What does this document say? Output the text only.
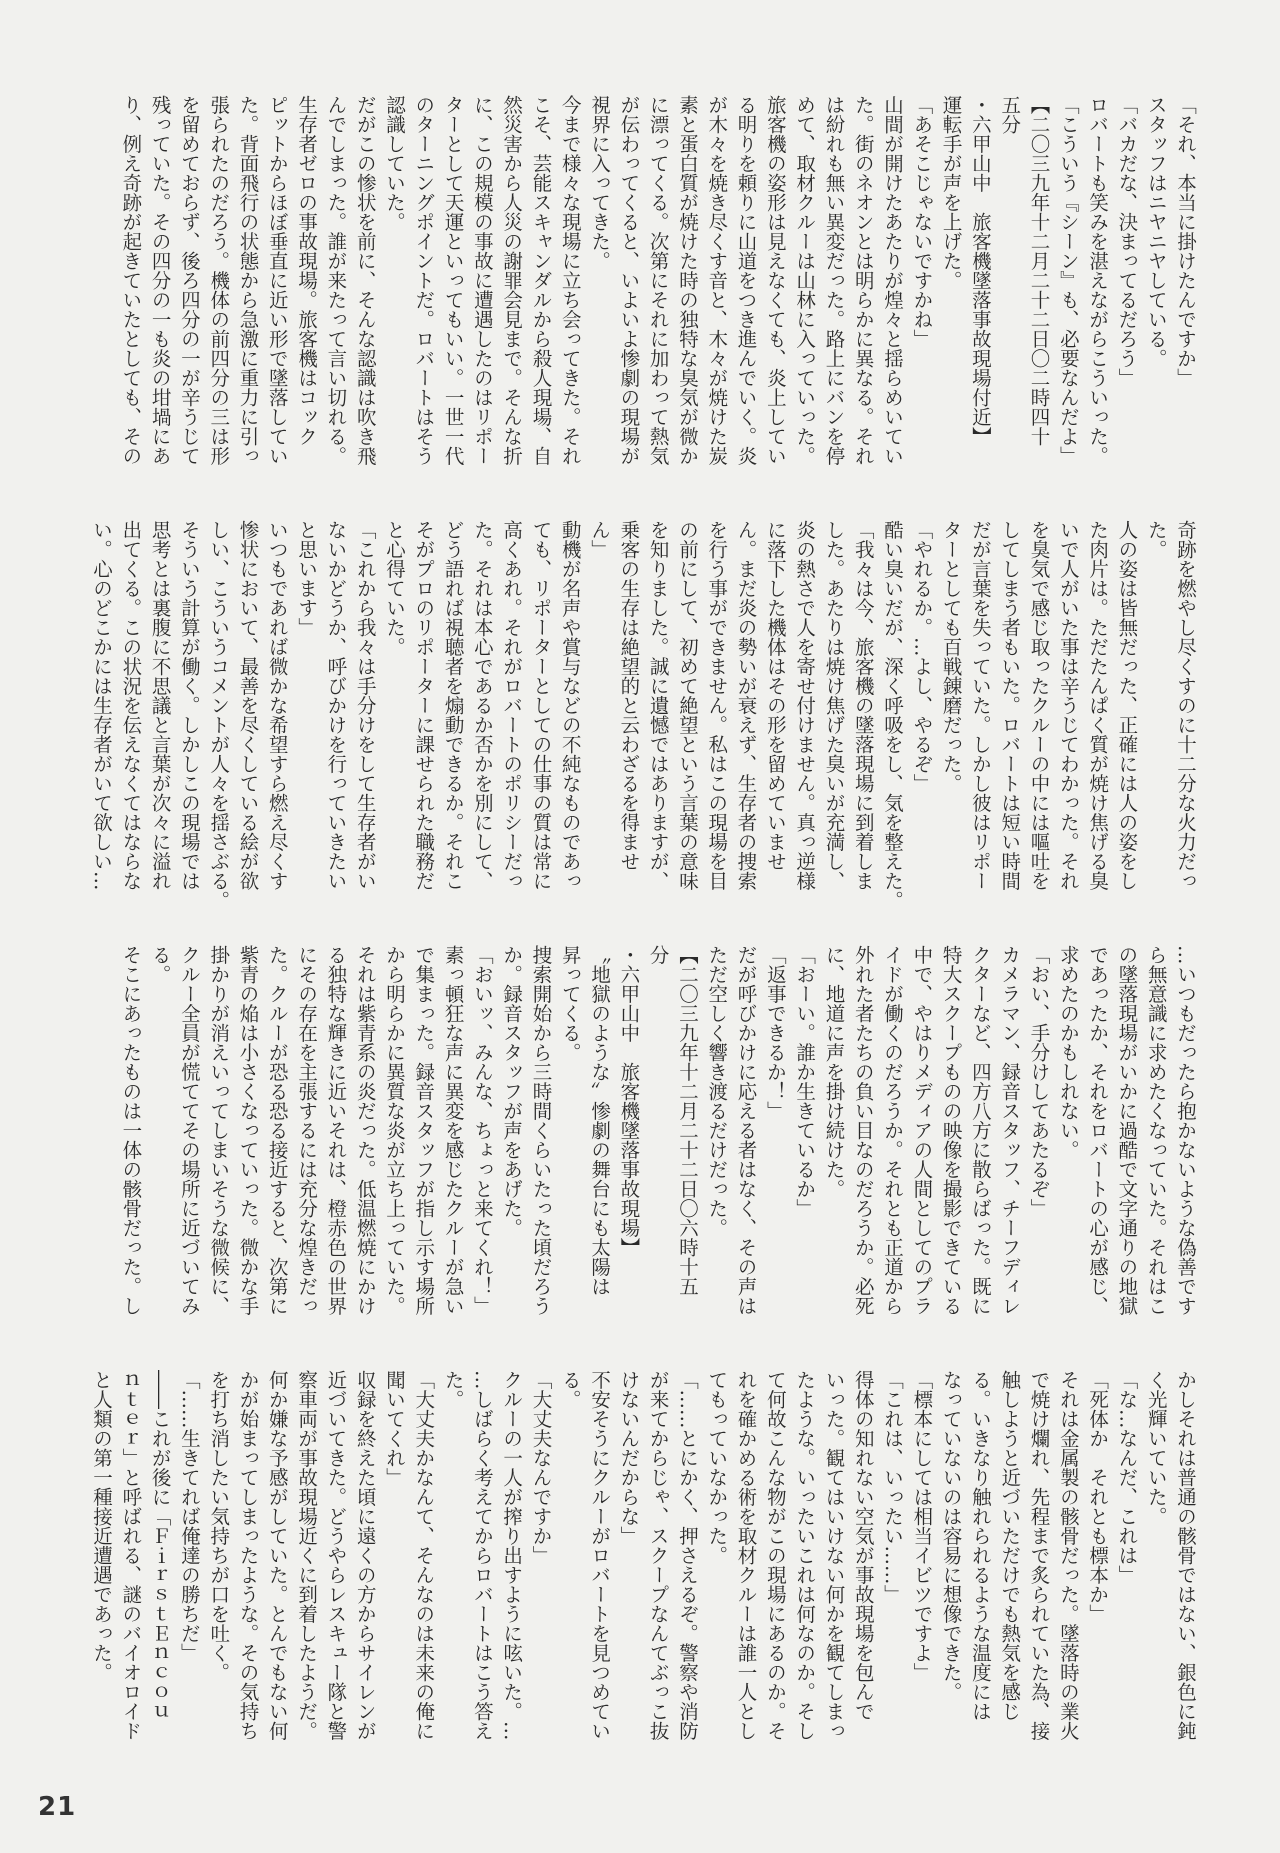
「それ、本当に掛けたんですか」
スタッフはニヤニヤしている。
「バカだな、決まってるだろう」
ロバートも笑みを湛えながらこういった。
「こういう『シーン』も、必要なんだよ」
【二〇三九年十二月二十二日〇二時四十
五分
・六甲山中　旅客機墜落事故現場付近】
運転手が声を上げた。
「あそこじゃないですかね」
山間が開けたあたりが煌々と揺らめいてい
た。街のネオンとは明らかに異なる。それ
は紛れも無い異変だった。路上にバンを停
めて、取材クルーは山林に入っていった。
旅客機の姿形は見えなくても、炎上してい
る明りを頼りに山道をつき進んでいく。炎
が木々を焼き尽くす音と、木々が焼けた炭
素と蛋白質が焼けた時の独特な臭気が微か
に漂ってくる。次第にそれに加わって熱気
が伝わってくると、いよいよ惨劇の現場が
視界に入ってきた。
今まで様々な現場に立ち会ってきた。それ
こそ、芸能スキャンダルから殺人現場、自
然災害から人災の謝罪会見まで。そんな折
に、この規模の事故に遭遇したのはリポー
ターとして天運といってもいい。一世一代
のターニングポイントだ。ロバートはそう
認識していた。
だがこの惨状を前に、そんな認識は吹き飛
んでしまった。誰が来たって言い切れる。
生存者ゼロの事故現場。旅客機はコック
ピットからほぼ垂直に近い形で墜落してい
た。背面飛行の状態から急激に重力に引っ
張られたのだろう。機体の前四分の三は形
を留めておらず、後ろ四分の一が辛うじて
残っていた。その四分の一も炎の坩堝にあ
り、例え奇跡が起きていたとしても、その
奇跡を燃やし尽くすのに十二分な火力だっ
た。
人の姿は皆無だった、正確には人の姿をし
た肉片は。ただたんぱく質が焼け焦げる臭
いで人がいた事は辛うじてわかった。それ
を臭気で感じ取ったクルーの中には嘔吐を
してしまう者もいた。ロバートは短い時間
だが言葉を失っていた。しかし彼はリポー
ターとしても百戦錬磨だった。
「やれるか。…よし、やるぞ」
酷い臭いだが、深く呼吸をし、気を整えた。
「我々は今、旅客機の墜落現場に到着しま
した。あたりは焼け焦げた臭いが充満し、
炎の熱さで人を寄せ付けません。真っ逆様
に落下した機体はその形を留めていませ
ん。まだ炎の勢いが衰えず、生存者の捜索
を行う事ができません。私はこの現場を目
の前にして、初めて絶望という言葉の意味
を知りました。誠に遺憾ではありますが、
乗客の生存は絶望的と云わざるを得ませ
ん」
動機が名声や賞与などの不純なものであっ
ても、リポーターとしての仕事の質は常に
高くあれ。それがロバートのポリシーだっ
た。それは本心であるか否かを別にして、
どう語れば視聴者を煽動できるか。それこ
そがプロのリポーターに課せられた職務だ
と心得ていた。
「これから我々は手分けをして生存者がい
ないかどうか、呼びかけを行っていきたい
と思います」
いつもであれば微かな希望すら燃え尽くす
惨状において、最善を尽くしている絵が欲
しい、こういうコメントが人々を揺さぶる。
そういう計算が働く。しかしこの現場では
思考とは裏腹に不思議と言葉が次々に溢れ
出てくる。この状況を伝えなくてはならな
い。心のどこかには生存者がいて欲しい…
…いつもだったら抱かないような偽善です
ら無意識に求めたくなっていた。それはこ
の墜落現場がいかに過酷で文字通りの地獄
であったか、それをロバートの心が感じ、
求めたのかもしれない。
「おい、手分けしてあたるぞ」
カメラマン、録音スタッフ、チーフディレ
クターなど、四方八方に散らばった。既に
特大スクープものの映像を撮影できている
中で、やはりメディアの人間としてのプラ
イドが働くのだろうか。それとも正道から
外れた者たちの負い目なのだろうか。必死
に、地道に声を掛け続けた。
「おーい。誰か生きているか」
「返事できるか！」
だが呼びかけに応える者はなく、その声は
ただ空しく響き渡るだけだった。
【二〇三九年十二月二十二日〇六時十五
分
・六甲山中　旅客機墜落事故現場】
〝地獄のような〟惨劇の舞台にも太陽は
昇ってくる。
捜索開始から三時間くらいたった頃だろう
か。録音スタッフが声をあげた。
「おいッ、みんな、ちょっと来てくれ！」
素っ頓狂な声に異変を感じたクルーが急い
で集まった。録音スタッフが指し示す場所
から明らかに異質な炎が立ち上っていた。
それは紫青系の炎だった。低温燃焼にかけ
る独特な輝きに近いそれは、橙赤色の世界
にその存在を主張するには充分な煌きだっ
た。クルーが恐る恐る接近すると、次第に
紫青の焔は小さくなっていった。微かな手
掛かりが消えいってしまいそうな微候に、
クルー全員が慌ててその場所に近づいてみ
る。
そこにあったものは一体の骸骨だった。し
かしそれは普通の骸骨ではない、銀色に鈍
く光輝いていた。
「な…なんだ、これは」
「死体か　それとも標本か」
それは金属製の骸骨だった。墜落時の業火
で焼け爛れ、先程まで炙られていた為、接
触しようと近づいただけでも熱気を感じ
る。いきなり触れられるような温度には
なっていないのは容易に想像できた。
「標本にしては相当イビツですよ」
「これは、いったい……」
得体の知れない空気が事故現場を包んで
いった。観てはいけない何かを観てしまっ
たような。いったいこれは何なのか。そし
て何故こんな物がこの現場にあるのか。そ
れを確かめる術を取材クルーは誰一人とし
てもっていなかった。
「……とにかく、押さえるぞ。警察や消防
が来てからじゃ、スクープなんてぶっこ抜
けないんだからな」
不安そうにクルーがロバートを見つめてい
る。
「大丈夫なんですか」
クルーの一人が搾り出すように呟いた。…
…しばらく考えてからロバートはこう答え
た。
「大丈夫かなんて、そんなのは未来の俺に
聞いてくれ」
収録を終えた頃に遠くの方からサイレンが
近づいてきた。どうやらレスキュー隊と警
察車両が事故現場近くに到着したようだ。
何か嫌な予感がしていた。とんでもない何
かが始まってしまったような。その気持ち
を打ち消したい気持ちが口を吐く。
「……生きてれば俺達の勝ちだ」
――これが後に「ＦｉｒｓｔＥｎｃｏｕ
ｎｔｅｒ」と呼ばれる、謎のバイオロイド
と人類の第一種接近遭遇であった。
21
